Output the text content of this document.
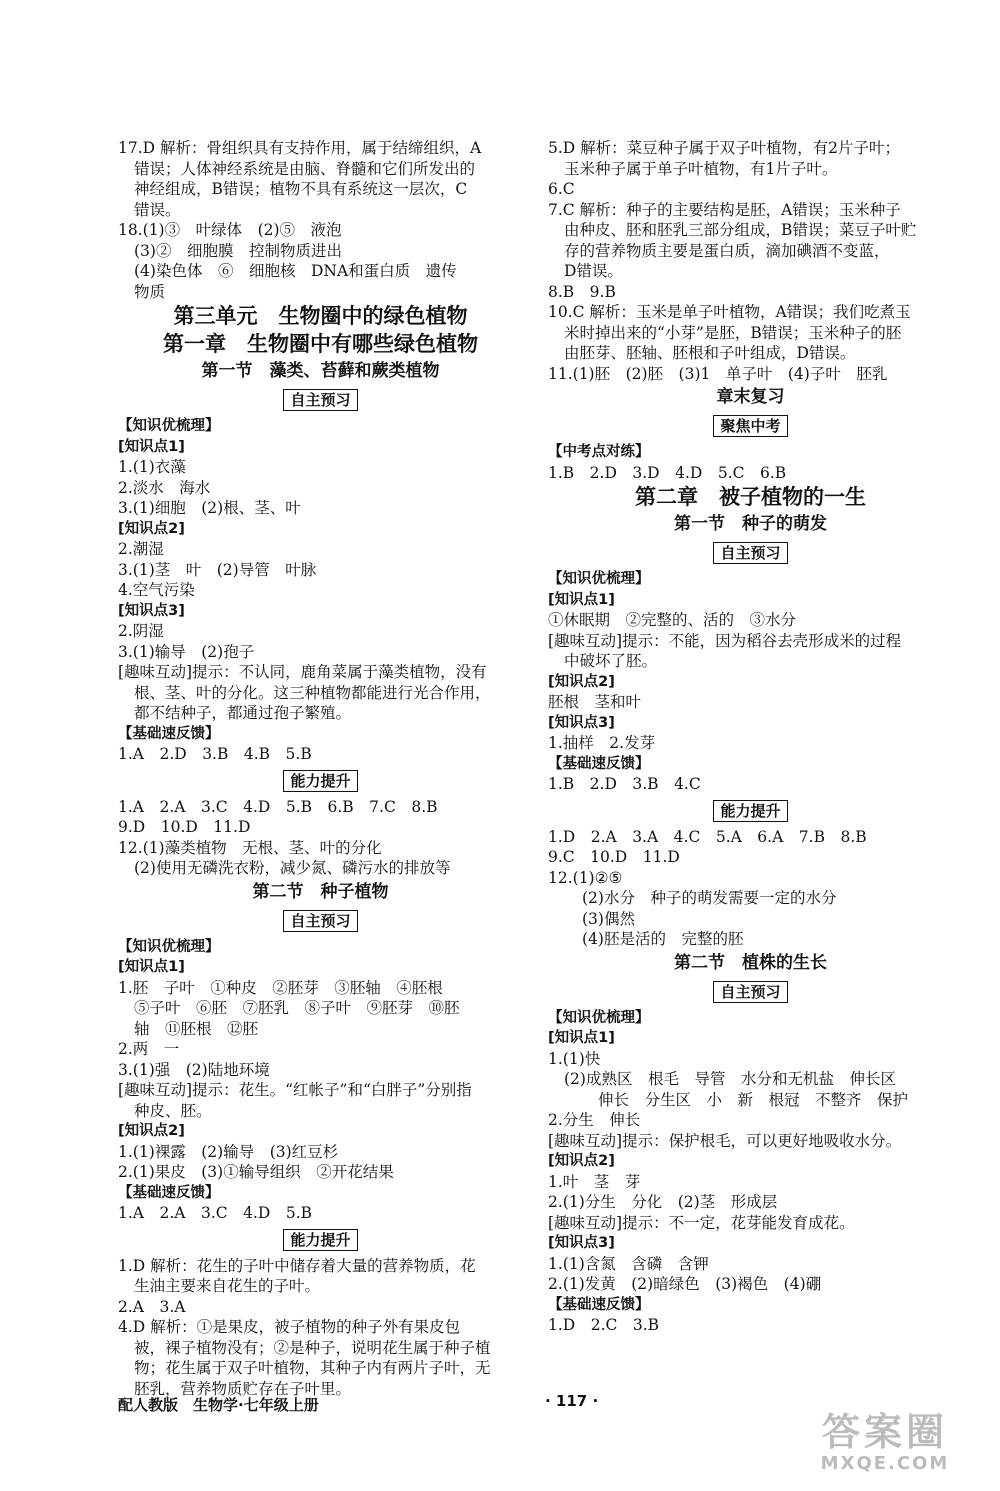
17.D 解析：骨组织具有支持作用，属于结缔组织，A
错误；人体神经系统是由脑、脊髓和它们所发出的
神经组成，B错误；植物不具有系统这一层次，C
错误。
18.(1)③　叶绿体　(2)⑤　液泡
(3)②　细胞膜　控制物质进出
(4)染色体　⑥　细胞核　DNA和蛋白质　遗传
物质
第三单元　生物圈中的绿色植物
第一章　生物圈中有哪些绿色植物
第一节　藻类、苔藓和蕨类植物
自主预习
【知识优梳理】
[知识点1]
1.(1)衣藻
2.淡水　海水
3.(1)细胞　(2)根、茎、叶
[知识点2]
2.潮湿
3.(1)茎　叶　(2)导管　叶脉
4.空气污染
[知识点3]
2.阴湿
3.(1)输导　(2)孢子
[趣味互动]提示：不认同，鹿角菜属于藻类植物，没有
根、茎、叶的分化。这三种植物都能进行光合作用，
都不结种子，都通过孢子繁殖。
【基础速反馈】
1.A　2.D　3.B　4.B　5.B
能力提升
1.A　2.A　3.C　4.D　5.B　6.B　7.C　8.B
9.D　10.D　11.D
12.(1)藻类植物　无根、茎、叶的分化
(2)使用无磷洗衣粉，减少氮、磷污水的排放等
第二节　种子植物
自主预习
【知识优梳理】
[知识点1]
1.胚　子叶　①种皮　②胚芽　③胚轴　④胚根
⑤子叶　⑥胚　⑦胚乳　⑧子叶　⑨胚芽　⑩胚
轴　⑪胚根　⑫胚
2.两　一
3.(1)强　(2)陆地环境
[趣味互动]提示：花生。“红帐子”和“白胖子”分别指
种皮、胚。
[知识点2]
1.(1)裸露　(2)输导　(3)红豆杉
2.(1)果皮　(3)①输导组织　②开花结果
【基础速反馈】
1.A　2.A　3.C　4.D　5.B
能力提升
1.D 解析：花生的子叶中储存着大量的营养物质，花
生油主要来自花生的子叶。
2.A　3.A
4.D 解析：①是果皮，被子植物的种子外有果皮包
被，裸子植物没有；②是种子，说明花生属于种子植
物；花生属于双子叶植物，其种子内有两片子叶，无
胚乳，营养物质贮存在子叶里。
5.D 解析：菜豆种子属于双子叶植物，有2片子叶；
玉米种子属于单子叶植物，有1片子叶。
6.C
7.C 解析：种子的主要结构是胚，A错误；玉米种子
由种皮、胚和胚乳三部分组成，B错误；菜豆子叶贮
存的营养物质主要是蛋白质，滴加碘酒不变蓝，
D错误。
8.B　9.B
10.C 解析：玉米是单子叶植物，A错误；我们吃煮玉
米时掉出来的“小芽”是胚，B错误；玉米种子的胚
由胚芽、胚轴、胚根和子叶组成，D错误。
11.(1)胚　(2)胚　(3)1　单子叶　(4)子叶　胚乳
章末复习
聚焦中考
【中考点对练】
1.B　2.D　3.D　4.D　5.C　6.B
第二章　被子植物的一生
第一节　种子的萌发
自主预习
【知识优梳理】
[知识点1]
①休眠期　②完整的、活的　③水分
[趣味互动]提示：不能，因为稻谷去壳形成米的过程
中破坏了胚。
[知识点2]
胚根　茎和叶
[知识点3]
1.抽样　2.发芽
【基础速反馈】
1.B　2.D　3.B　4.C
能力提升
1.D　2.A　3.A　4.C　5.A　6.A　7.B　8.B
9.C　10.D　11.D
12.(1)②⑤
(2)水分　种子的萌发需要一定的水分
(3)偶然
(4)胚是活的　完整的胚
第二节　植株的生长
自主预习
【知识优梳理】
[知识点1]
1.(1)快
(2)成熟区　根毛　导管　水分和无机盐　伸长区
伸长　分生区　小　新　根冠　不整齐　保护
2.分生　伸长
[趣味互动]提示：保护根毛，可以更好地吸收水分。
[知识点2]
1.叶　茎　芽
2.(1)分生　分化　(2)茎　形成层
[趣味互动]提示：不一定，花芽能发育成花。
[知识点3]
1.(1)含氮　含磷　含钾
2.(1)发黄　(2)暗绿色　(3)褐色　(4)硼
【基础速反馈】
1.D　2.C　3.B
配人教版　生物学·七年级上册	· 117 ·
答案圈
MXQE.COM
